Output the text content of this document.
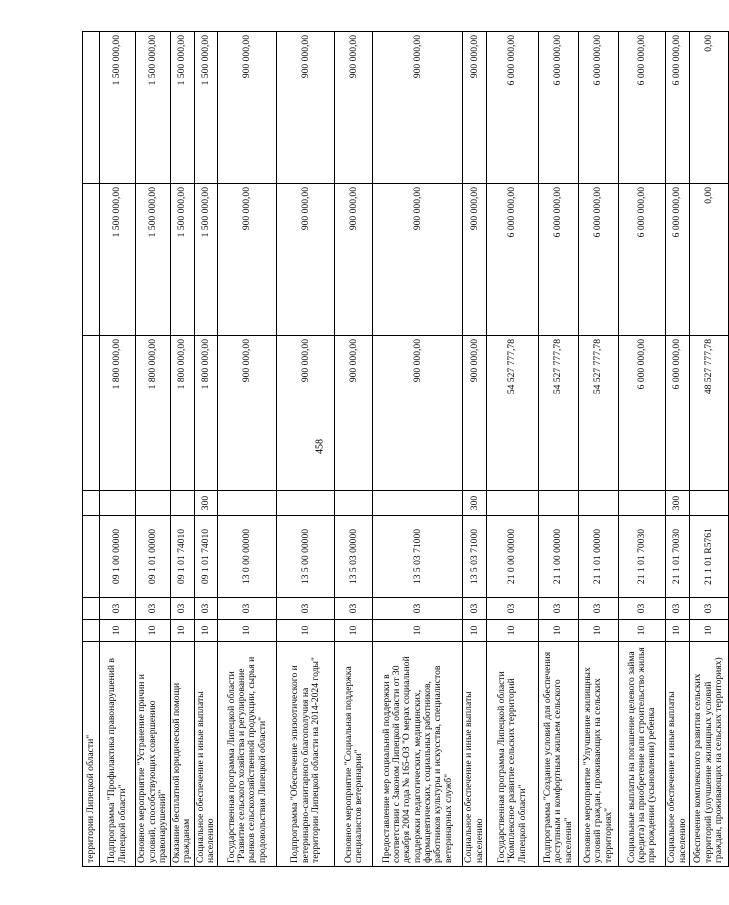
458
территории Липецкой области"							
Подпрограмма "Профилактика правонарушений в Липецкой области"	10	03	09 1 00 00000		1 800 000,00	1 500 000,00	1 500 000,00
Основное мероприятие "Устранение причин и условий, способствующих совершению правонарушений"	10	03	09 1 01 00000		1 800 000,00	1 500 000,00	1 500 000,00
Оказание бесплатной юридической помощи гражданам	10	03	09 1 01 74010		1 800 000,00	1 500 000,00	1 500 000,00
Социальное обеспечение и иные выплаты населению	10	03	09 1 01 74010	300	1 800 000,00	1 500 000,00	1 500 000,00
Государственная программа Липецкой области "Развитие сельского хозяйства и регулирование рынков сельскохозяйственной продукции, сырья и продовольствия Липецкой области"	10	03	13 0 00 00000		900 000,00	900 000,00	900 000,00
Подпрограмма "Обеспечение эпизоотического и ветеринарно-санитарного благополучия на территории Липецкой области на 2014-2024 годы"	10	03	13 5 00 00000		900 000,00	900 000,00	900 000,00
Основное мероприятие "Социальная поддержка специалистов ветеринарии"	10	03	13 5 03 00000		900 000,00	900 000,00	900 000,00
Предоставление мер социальной поддержки в соответствии с Законом Липецкой области от 30 декабря 2004 года № 165-ОЗ "О мерах социальной поддержки педагогических, медицинских, фармацевтических, социальных работников, работников культуры и искусства, специалистов ветеринарных служб"	10	03	13 5 03 71000		900 000,00	900 000,00	900 000,00
Социальное обеспечение и иные выплаты населению	10	03	13 5 03 71000	300	900 000,00	900 000,00	900 000,00
Государственная программа Липецкой области "Комплексное развитие сельских территорий Липецкой области"	10	03	21 0 00 00000		54 527 777,78	6 000 000,00	6 000 000,00
Подпрограмма "Создание условий для обеспечения доступным и комфортным жильем сельского населения"	10	03	21 1 00 00000		54 527 777,78	6 000 000,00	6 000 000,00
Основное мероприятие "Улучшение жилищных условий граждан, проживающих на сельских территориях"	10	03	21 1 01 00000		54 527 777,78	6 000 000,00	6 000 000,00
Социальные выплаты на погашение целевого займа (кредита) на приобретение или строительство жилья при рождении (усыновлении) ребенка	10	03	21 1 01 70030		6 000 000,00	6 000 000,00	6 000 000,00
Социальное обеспечение и иные выплаты населению	10	03	21 1 01 70030	300	6 000 000,00	6 000 000,00	6 000 000,00
Обеспечение комплексного развития сельских территорий (улучшение жилищных условий граждан, проживающих на сельских территориях)	10	03	21 1 01 R5761		48 527 777,78	0,00	0,00
